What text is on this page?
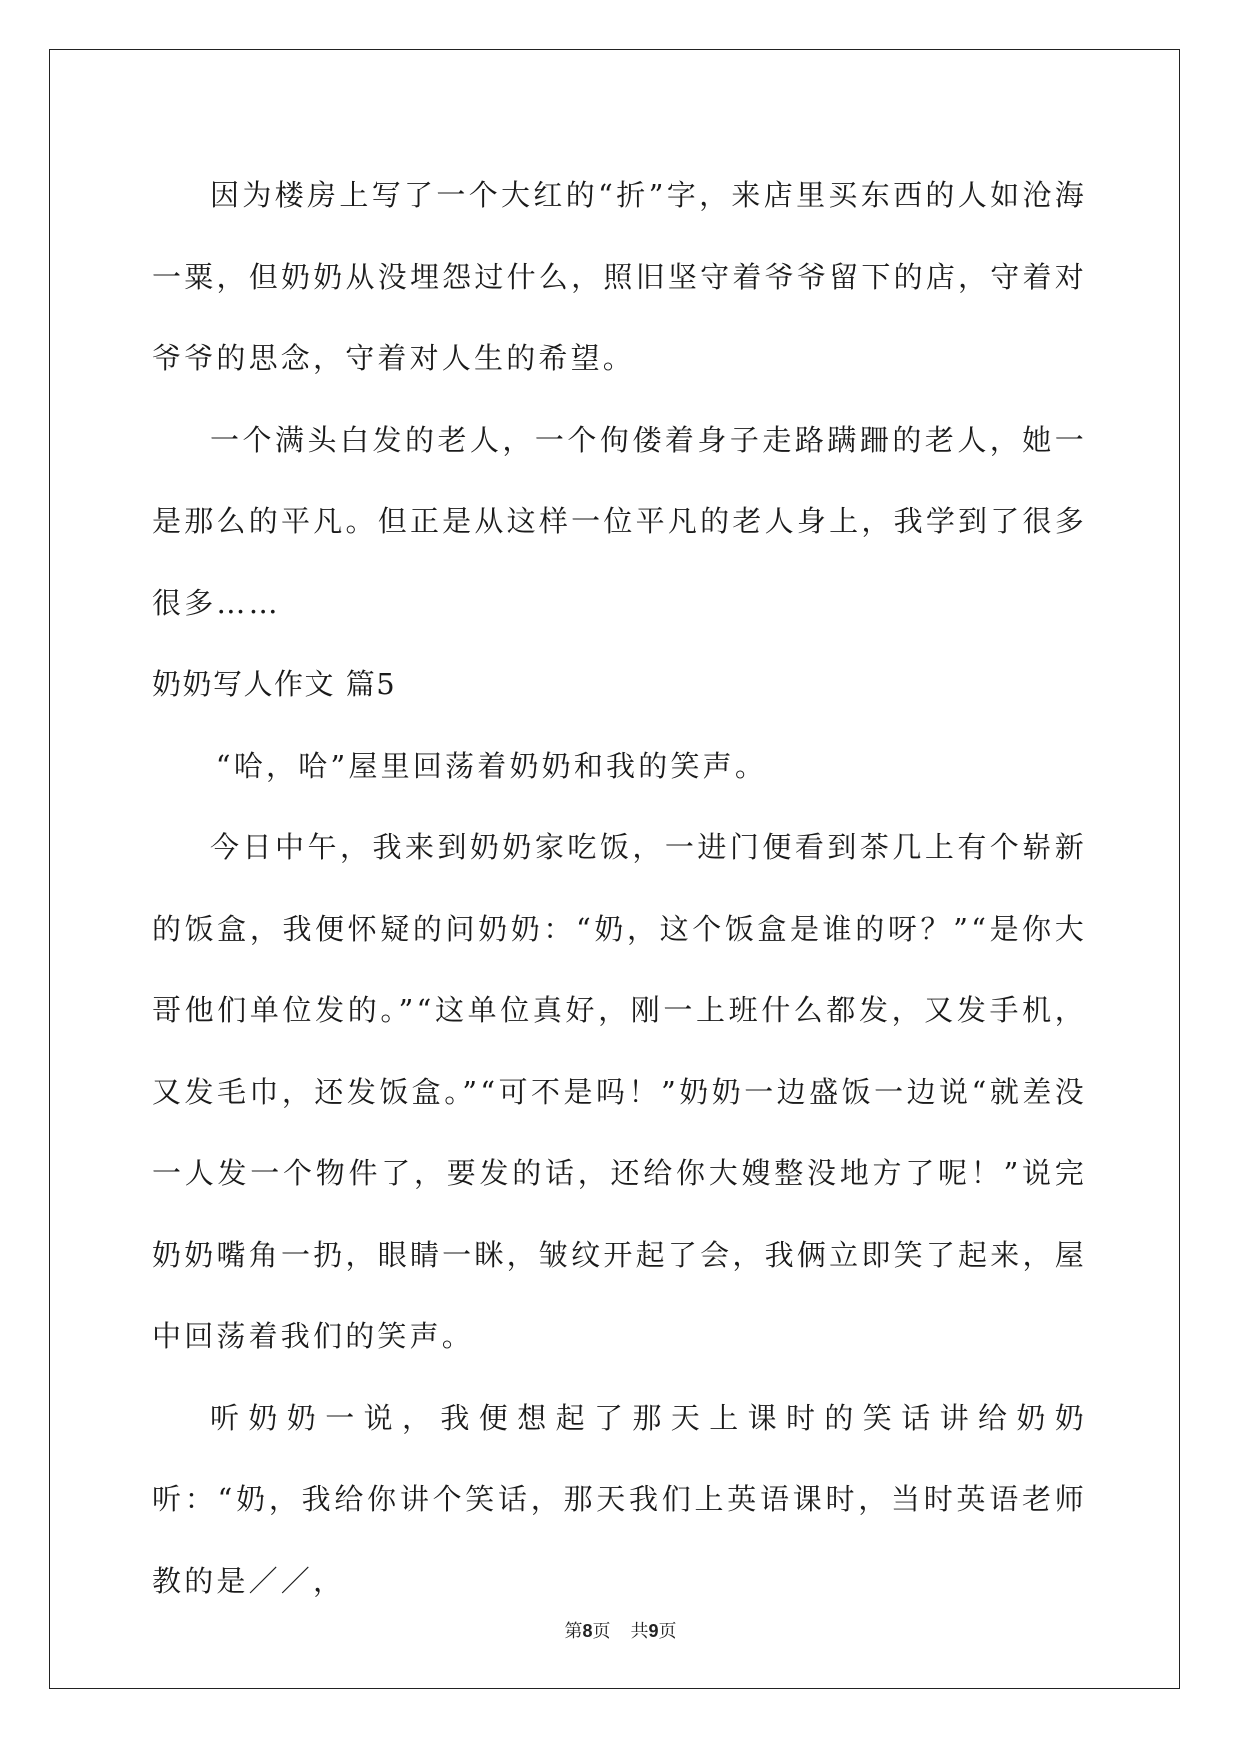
因为楼房上写了一个大红的“折”字，来店里买东西的人如沧海一粟，但奶奶从没埋怨过什么，照旧坚守着爷爷留下的店，守着对爷爷的思念，守着对人生的希望。

一个满头白发的老人，一个佝偻着身子走路蹒跚的老人，她一是那么的平凡。但正是从这样一位平凡的老人身上，我学到了很多很多……

奶奶写人作文 篇5

“哈，哈”屋里回荡着奶奶和我的笑声。

今日中午，我来到奶奶家吃饭，一进门便看到茶几上有个崭新的饭盒，我便怀疑的问奶奶：“奶，这个饭盒是谁的呀？”“是你大哥他们单位发的。”“这单位真好，刚一上班什么都发，又发手机，又发毛巾，还发饭盒。”“可不是吗！”奶奶一边盛饭一边说“就差没一人发一个物件了，要发的话，还给你大嫂整没地方了呢！”说完奶奶嘴角一扔，眼睛一眯，皱纹开起了会，我俩立即笑了起来，屋中回荡着我们的笑声。

听奶奶一说，我便想起了那天上课时的笑话讲给奶奶听：“奶，我给你讲个笑话，那天我们上英语课时，当时英语老师教的是／／，

第8页 共9页
